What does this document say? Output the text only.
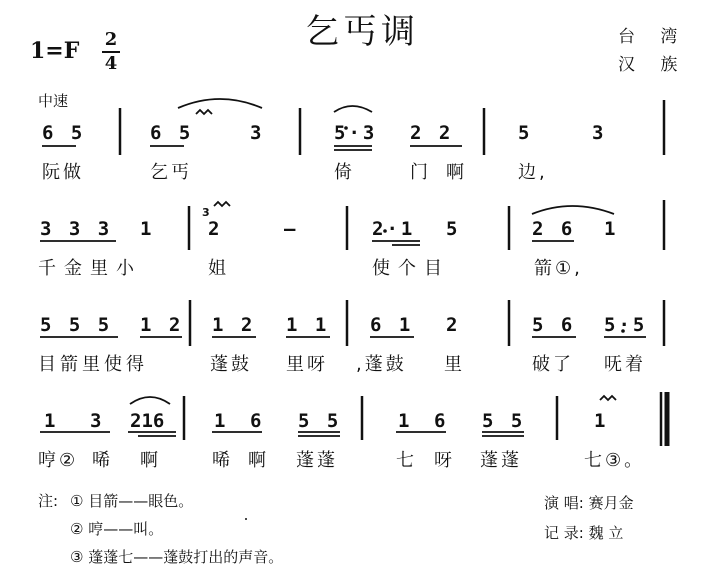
乞丐调	台 湾
汉 族
1=F 2
4
中速
6 5	6 5	3	5·3 2 2	5	3
阮做	乞丐	倚	门 啊	边,
3 3 3 1
3
2	–	2·1 5	2 6 1
千金里小	姐	使个目	箭①,
5 5 5 1 2 1 2 1 1 6 1 2	5 6 5·5
目箭里使得	蓬鼓 里呀 ,蓬鼓 里	破了 呒着
1 3 216	1 6 5 5	1 6 5 5	1
哼② 唏 啊	唏 啊 蓬蓬	七 呀 蓬蓬	七③。
注: ① 目箭——眼色。
② 哼——叫。
③ 蓬蓬七——蓬鼓打出的声音。
演 唱: 赛月金
记 录: 魏 立
